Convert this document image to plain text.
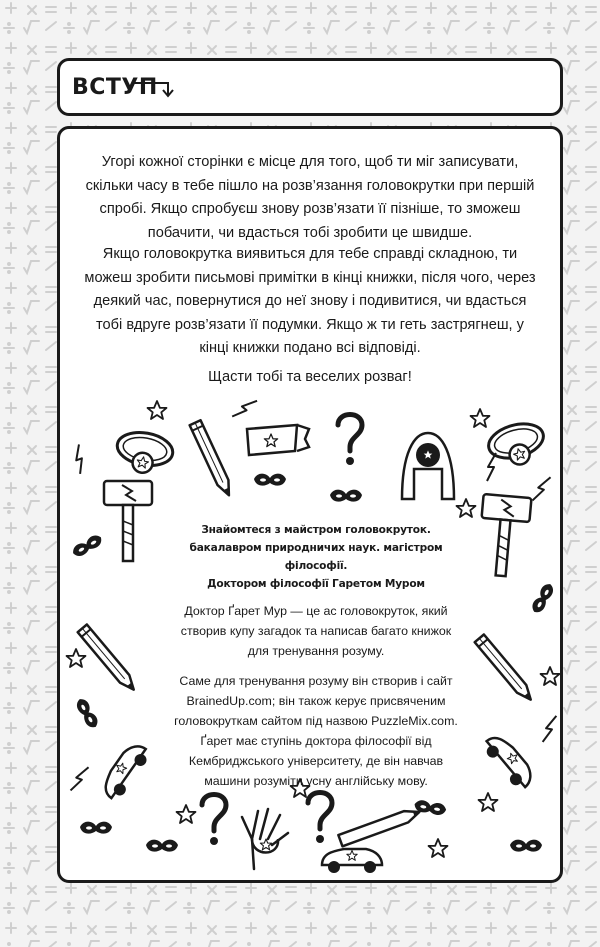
ВСТУП

Угорі кожної сторінки є місце для того, щоб ти міг записувати, скільки часу в тебе пішло на розв’язання головокрутки при першій спробі. Якщо спробуєш знову розв’язати її пізніше, то зможеш побачити, чи вдасться тобі зробити це швидше.

Якщо головокрутка виявиться для тебе справді складною, ти можеш зробити письмові примітки в кінці книжки, після чого, через деякий час, повернутися до неї знову і подивитися, чи вдасться тобі вдруге розв’язати її подумки. Якщо ж ти геть застрягнеш, у кінці книжки подано всі відповіді.

Щасти тобі та веселих розваг!

Знайомтеся з майстром головокруток.
бакалавром природничих наук. магістром філософії.
Доктором філософії Гаретом Муром

Доктор Ґарет Мур — це ас головокруток, який створив купу загадок та написав багато книжок для тренування розуму.

Саме для тренування розуму він створив і сайт BrainedUp.com; він також керує присвяченим головокруткам сайтом під назвою PuzzleMix.com. Ґарет має ступінь доктора філософії від Кембриджського університету, де він навчав машини розуміти усну англійську мову.
